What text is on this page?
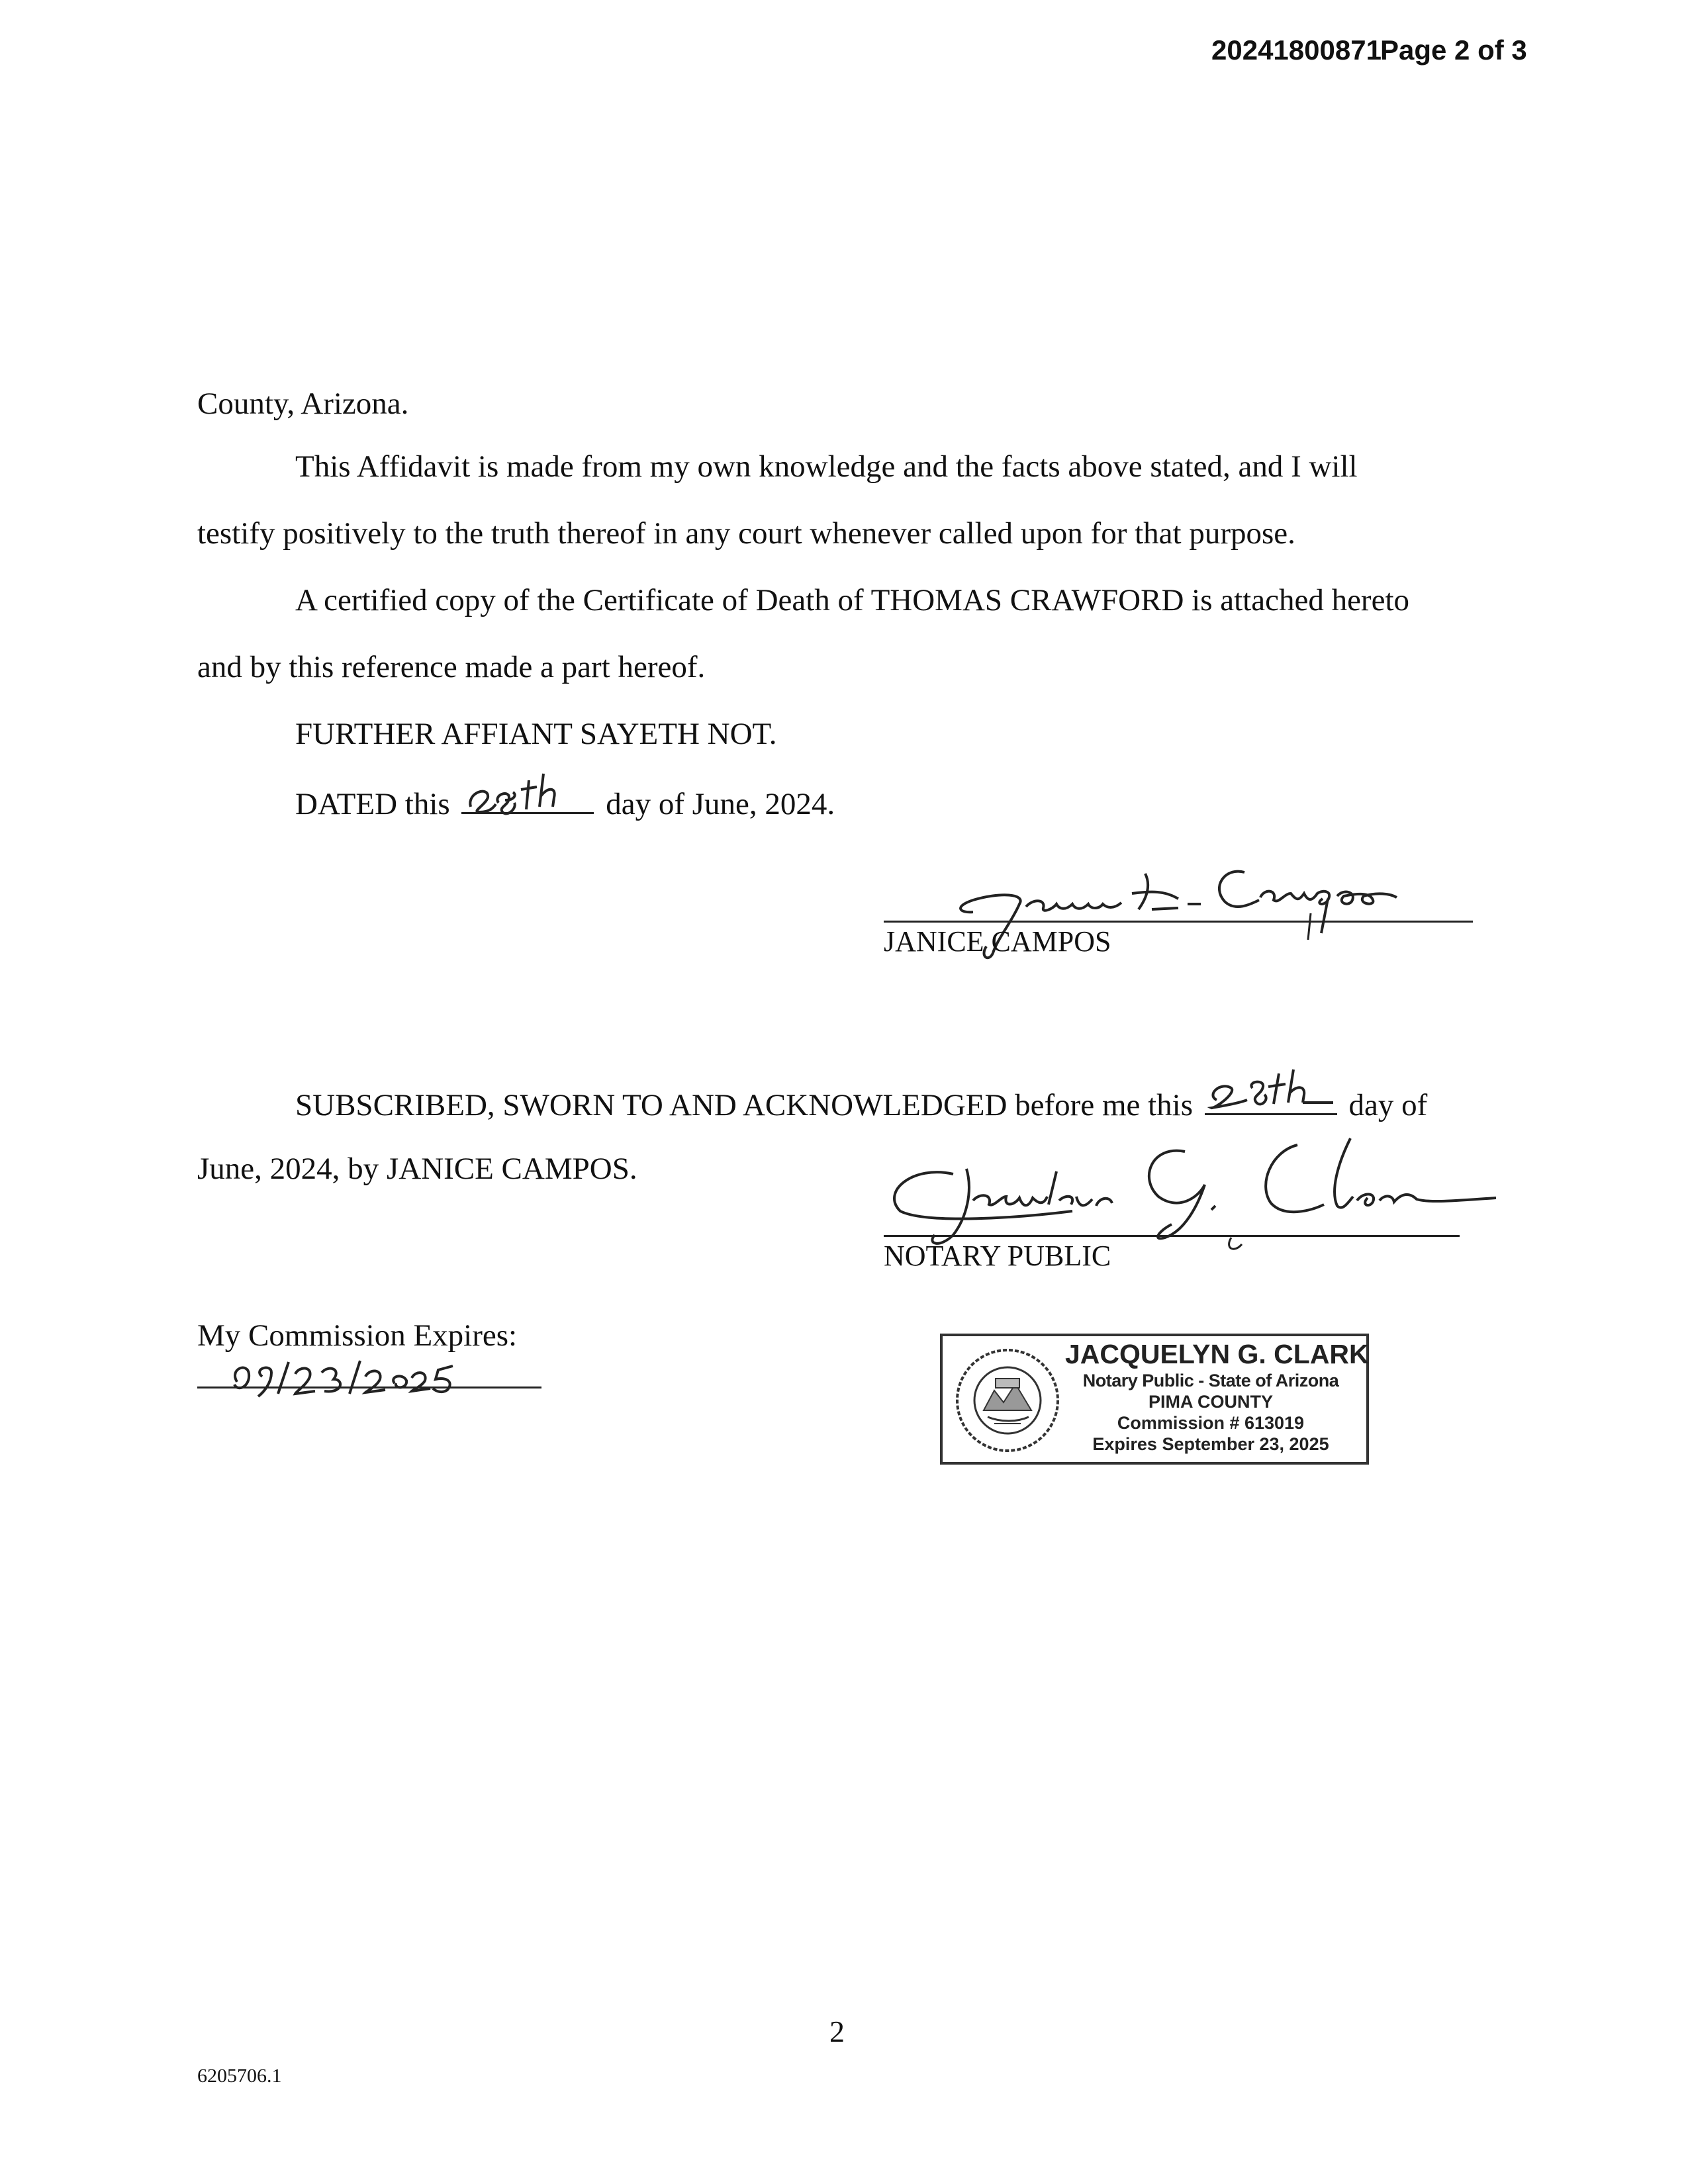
20241800871
Page 2 of 3
County, Arizona.
This Affidavit is made from my own knowledge and the facts above stated, and I will
testify positively to the truth thereof in any court whenever called upon for that purpose.
A certified copy of the Certificate of Death of THOMAS CRAWFORD is attached hereto
and by this reference made a part hereof.
FURTHER AFFIANT SAYETH NOT.
DATED this	day of June, 2024.
JANICE CAMPOS
SUBSCRIBED, SWORN TO AND ACKNOWLEDGED before me this	day of
June, 2024, by JANICE CAMPOS.
NOTARY PUBLIC
My Commission Expires:
JACQUELYN G. CLARK
Notary Public - State of Arizona
PIMA COUNTY
Commission # 613019
Expires September 23, 2025
2
6205706.1
